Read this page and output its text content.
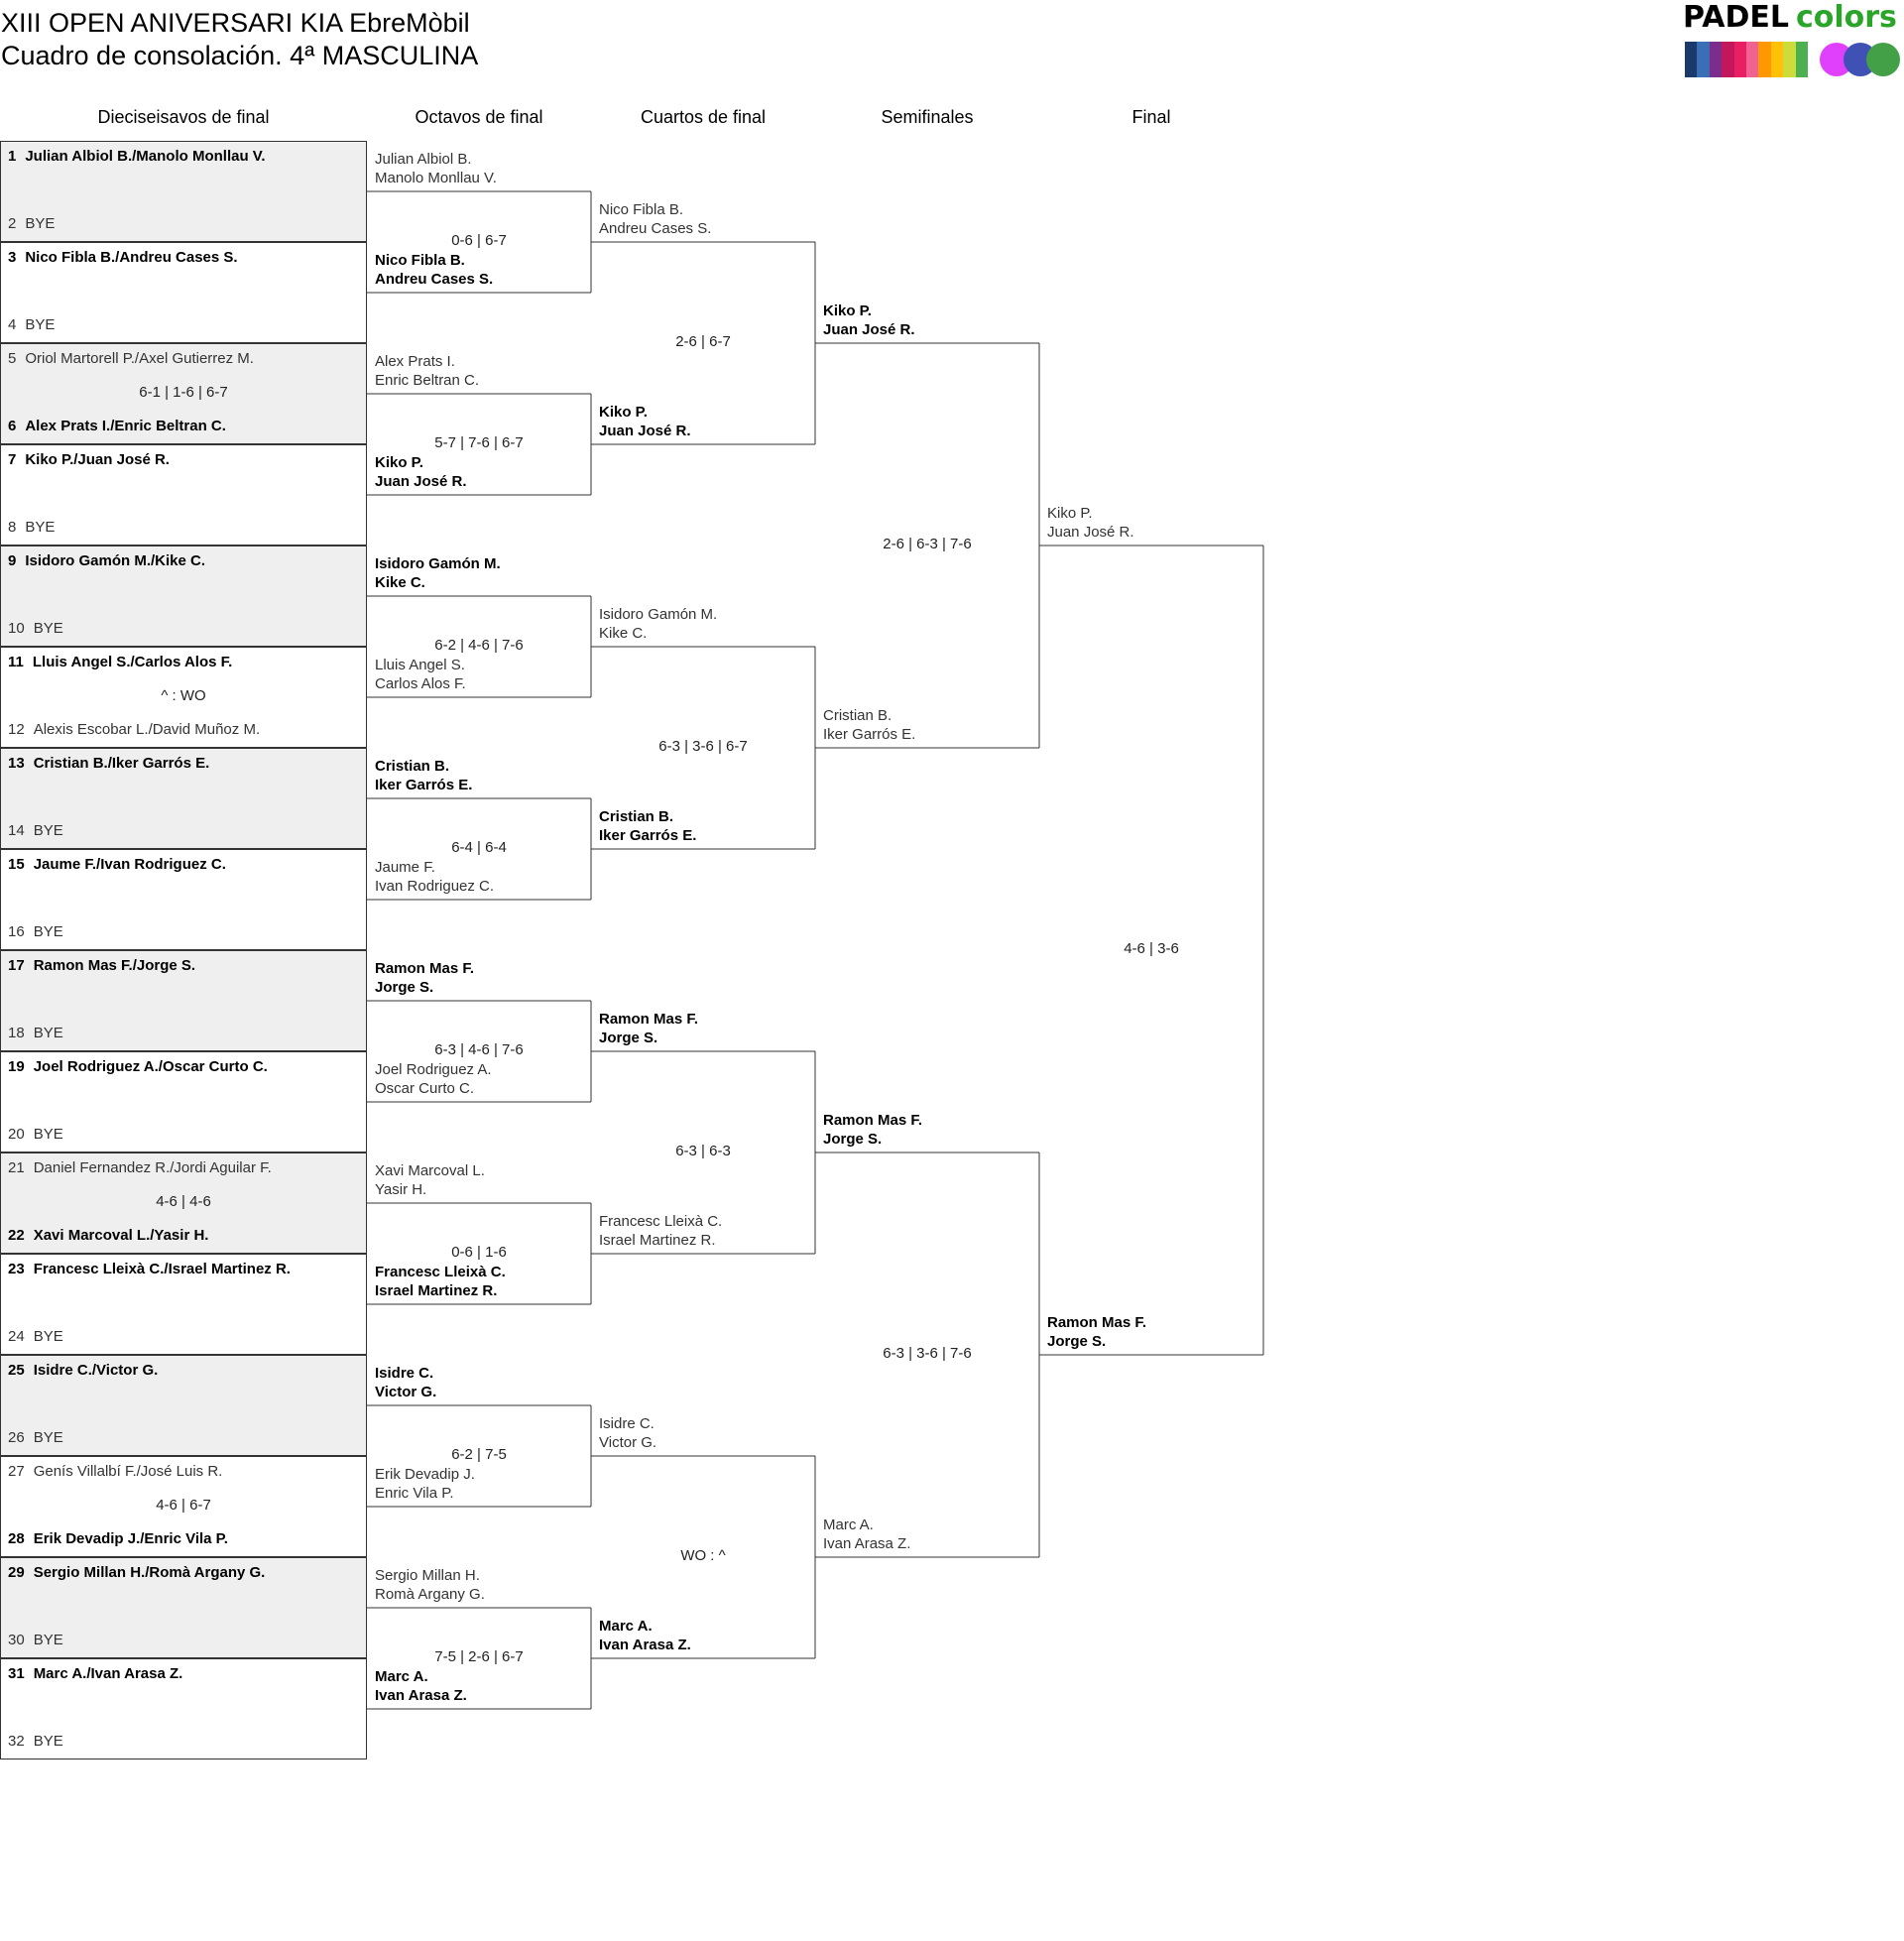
XIII OPEN ANIVERSARI KIA EbreMòbil
Cuadro de consolación. 4ª MASCULINA
PADEL colors
Dieciseisavos de final	Octavos de final	Cuartos de final	Semifinales	Final
1 Julian Albiol B./Manolo Monllau V.
2 BYE
3 Nico Fibla B./Andreu Cases S.
4 BYE
5 Oriol Martorell P./Axel Gutierrez M.
6 Alex Prats I./Enric Beltran C.
6-1 | 1-6 | 6-7
7 Kiko P./Juan José R.
8 BYE
9 Isidoro Gamón M./Kike C.
10 BYE
11 Lluis Angel S./Carlos Alos F.
12 Alexis Escobar L./David Muñoz M.
^ : WO
13 Cristian B./Iker Garrós E.
14 BYE
15 Jaume F./Ivan Rodriguez C.
16 BYE
17 Ramon Mas F./Jorge S.
18 BYE
19 Joel Rodriguez A./Oscar Curto C.
20 BYE
21 Daniel Fernandez R./Jordi Aguilar F.
22 Xavi Marcoval L./Yasir H.
4-6 | 4-6
23 Francesc Lleixà C./Israel Martinez R.
24 BYE
25 Isidre C./Victor G.
26 BYE
27 Genís Villalbí F./José Luis R.
28 Erik Devadip J./Enric Vila P.
4-6 | 6-7
29 Sergio Millan H./Romà Argany G.
30 BYE
31 Marc A./Ivan Arasa Z.
32 BYE
Julian Albiol B.
Manolo Monllau V.
Nico Fibla B.
Andreu Cases S.
0-6 | 6-7
Alex Prats I.
Enric Beltran C.
Kiko P.
Juan José R.
5-7 | 7-6 | 6-7
Isidoro Gamón M.
Kike C.
Lluis Angel S.
Carlos Alos F.
6-2 | 4-6 | 7-6
Cristian B.
Iker Garrós E.
Jaume F.
Ivan Rodriguez C.
6-4 | 6-4
Ramon Mas F.
Jorge S.
Joel Rodriguez A.
Oscar Curto C.
6-3 | 4-6 | 7-6
Xavi Marcoval L.
Yasir H.
Francesc Lleixà C.
Israel Martinez R.
0-6 | 1-6
Isidre C.
Victor G.
Erik Devadip J.
Enric Vila P.
6-2 | 7-5
Sergio Millan H.
Romà Argany G.
Marc A.
Ivan Arasa Z.
7-5 | 2-6 | 6-7
Nico Fibla B.
Andreu Cases S.
Kiko P.
Juan José R.
2-6 | 6-7
Isidoro Gamón M.
Kike C.
Cristian B.
Iker Garrós E.
6-3 | 3-6 | 6-7
Ramon Mas F.
Jorge S.
Francesc Lleixà C.
Israel Martinez R.
6-3 | 6-3
Isidre C.
Victor G.
Marc A.
Ivan Arasa Z.
WO : ^
Kiko P.
Juan José R.
Cristian B.
Iker Garrós E.
2-6 | 6-3 | 7-6
Ramon Mas F.
Jorge S.
Marc A.
Ivan Arasa Z.
6-3 | 3-6 | 7-6
Kiko P.
Juan José R.
Ramon Mas F.
Jorge S.
4-6 | 3-6
